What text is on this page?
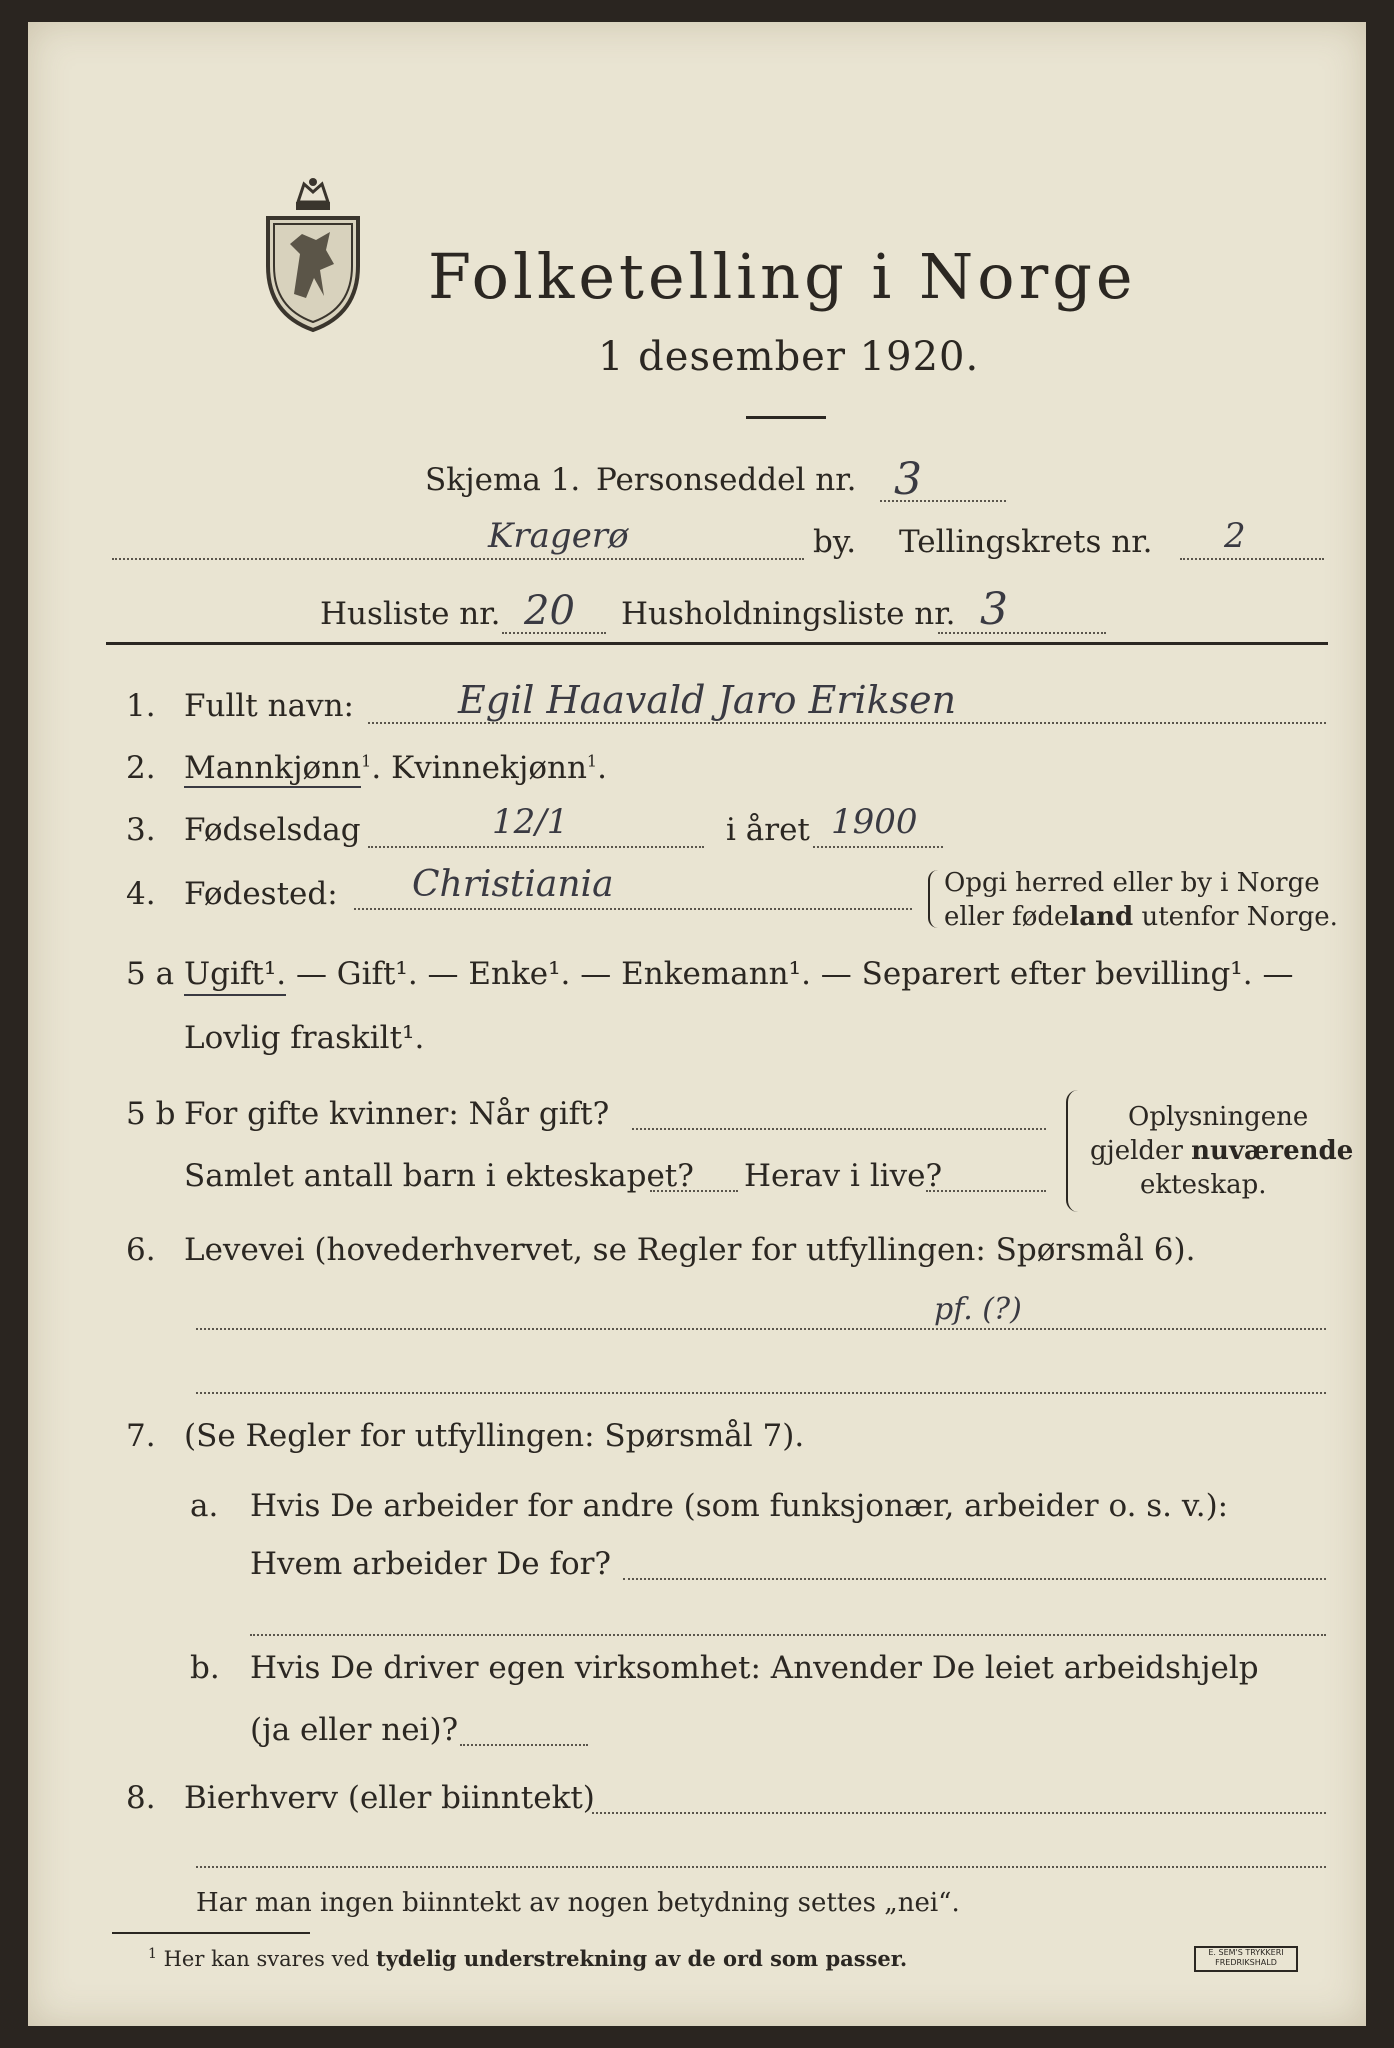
Folketelling i Norge
1 desember 1920.
Skjema 1. Personseddel nr. 3
Kragerø	by. Tellingskrets nr. 2
Husliste nr. 20 Husholdningsliste nr. 3
1. Fullt navn:	Egil Haavald Jaro Eriksen
2. Mannkjønn$^1$. Kvinnekjønn$^1$.
3. Fødselsdag	12/1	i året 1900
4. Fødested: Christiania	Opgi herred eller by i Norge
eller fødeland utenfor Norge.
5 a Ugift¹. — Gift¹. — Enke¹. — Enkemann¹. — Separert efter bevilling¹. —
Lovlig fraskilt¹.
5 b For gifte kvinner: Når gift?
Samlet antall barn i ekteskapet? Herav i live?
Oplysningene
gjelder nuværende
ekteskap.
6. Levevei (hovederhvervet, se Regler for utfyllingen: Spørsmål 6).
pf. (?)
7. (Se Regler for utfyllingen: Spørsmål 7).
a. Hvis De arbeider for andre (som funksjonær, arbeider o. s. v.):
Hvem arbeider De for?
b. Hvis De driver egen virksomhet: Anvender De leiet arbeidshjelp
(ja eller nei)?
8. Bierhverv (eller biinntekt)
Har man ingen biinntekt av nogen betydning settes „nei“.
$^1$ Her kan svares ved tydelig understrekning av de ord som passer.	E. SEM'S TRYKKERI
FREDRIKSHALD
